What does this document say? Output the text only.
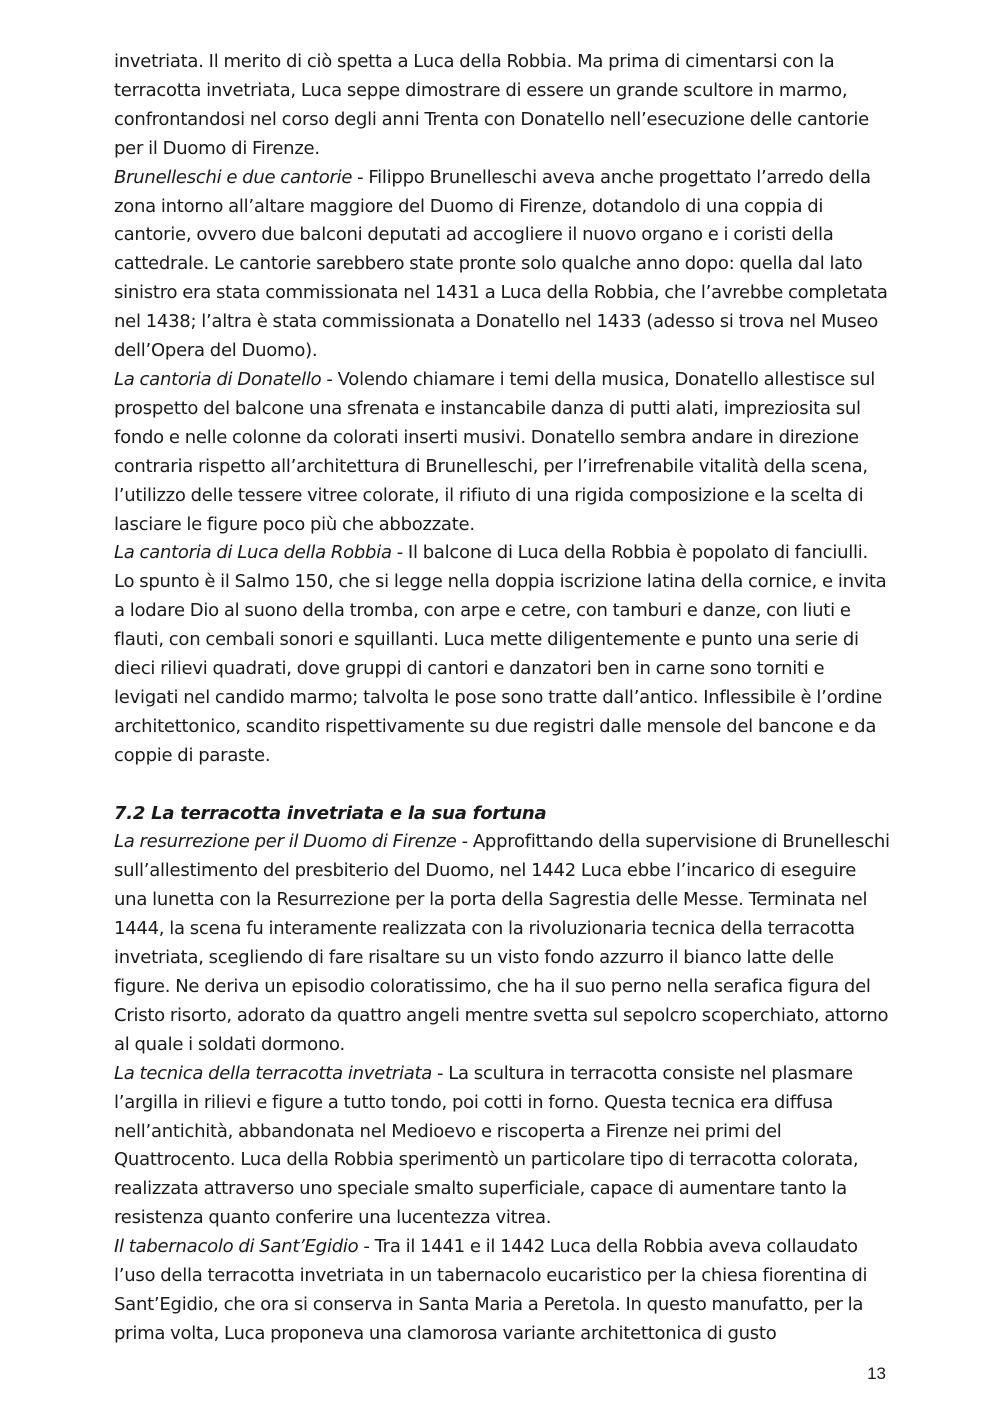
invetriata. Il merito di ciò spetta a Luca della Robbia. Ma prima di cimentarsi con la terracotta invetriata, Luca seppe dimostrare di essere un grande scultore in marmo, confrontandosi nel corso degli anni Trenta con Donatello nell’esecuzione delle cantorie per il Duomo di Firenze.

Brunelleschi e due cantorie - Filippo Brunelleschi aveva anche progettato l’arredo della zona intorno all’altare maggiore del Duomo di Firenze, dotandolo di una coppia di cantorie, ovvero due balconi deputati ad accogliere il nuovo organo e i coristi della cattedrale. Le cantorie sarebbero state pronte solo qualche anno dopo: quella dal lato sinistro era stata commissionata nel 1431 a Luca della Robbia, che l’avrebbe completata nel 1438; l’altra è stata commissionata a Donatello nel 1433 (adesso si trova nel Museo dell’Opera del Duomo).

La cantoria di Donatello - Volendo chiamare i temi della musica, Donatello allestisce sul prospetto del balcone una sfrenata e instancabile danza di putti alati, impreziosita sul fondo e nelle colonne da colorati inserti musivi. Donatello sembra andare in direzione contraria rispetto all’architettura di Brunelleschi, per l’irrefrenabile vitalità della scena, l’utilizzo delle tessere vitree colorate, il rifiuto di una rigida composizione e la scelta di lasciare le figure poco più che abbozzate.

La cantoria di Luca della Robbia - Il balcone di Luca della Robbia è popolato di fanciulli. Lo spunto è il Salmo 150, che si legge nella doppia iscrizione latina della cornice, e invita a lodare Dio al suono della tromba, con arpe e cetre, con tamburi e danze, con liuti e flauti, con cembali sonori e squillanti. Luca mette diligentemente e punto una serie di dieci rilievi quadrati, dove gruppi di cantori e danzatori ben in carne sono torniti e levigati nel candido marmo; talvolta le pose sono tratte dall’antico. Inflessibile è l’ordine architettonico, scandito rispettivamente su due registri dalle mensole del bancone e da coppie di paraste.

7.2 La terracotta invetriata e la sua fortuna

La resurrezione per il Duomo di Firenze - Approfittando della supervisione di Brunelleschi sull’allestimento del presbiterio del Duomo, nel 1442 Luca ebbe l’incarico di eseguire una lunetta con la Resurrezione per la porta della Sagrestia delle Messe. Terminata nel 1444, la scena fu interamente realizzata con la rivoluzionaria tecnica della terracotta invetriata, scegliendo di fare risaltare su un visto fondo azzurro il bianco latte delle figure. Ne deriva un episodio coloratissimo, che ha il suo perno nella serafica figura del Cristo risorto, adorato da quattro angeli mentre svetta sul sepolcro scoperchiato, attorno al quale i soldati dormono.

La tecnica della terracotta invetriata - La scultura in terracotta consiste nel plasmare l’argilla in rilievi e figure a tutto tondo, poi cotti in forno. Questa tecnica era diffusa nell’antichità, abbandonata nel Medioevo e riscoperta a Firenze nei primi del Quattrocento. Luca della Robbia sperimentò un particolare tipo di terracotta colorata, realizzata attraverso uno speciale smalto superficiale, capace di aumentare tanto la resistenza quanto conferire una lucentezza vitrea.

Il tabernacolo di Sant’Egidio - Tra il 1441 e il 1442 Luca della Robbia aveva collaudato l’uso della terracotta invetriata in un tabernacolo eucaristico per la chiesa fiorentina di Sant’Egidio, che ora si conserva in Santa Maria a Peretola. In questo manufatto, per la prima volta, Luca proponeva una clamorosa variante architettonica di gusto

13
